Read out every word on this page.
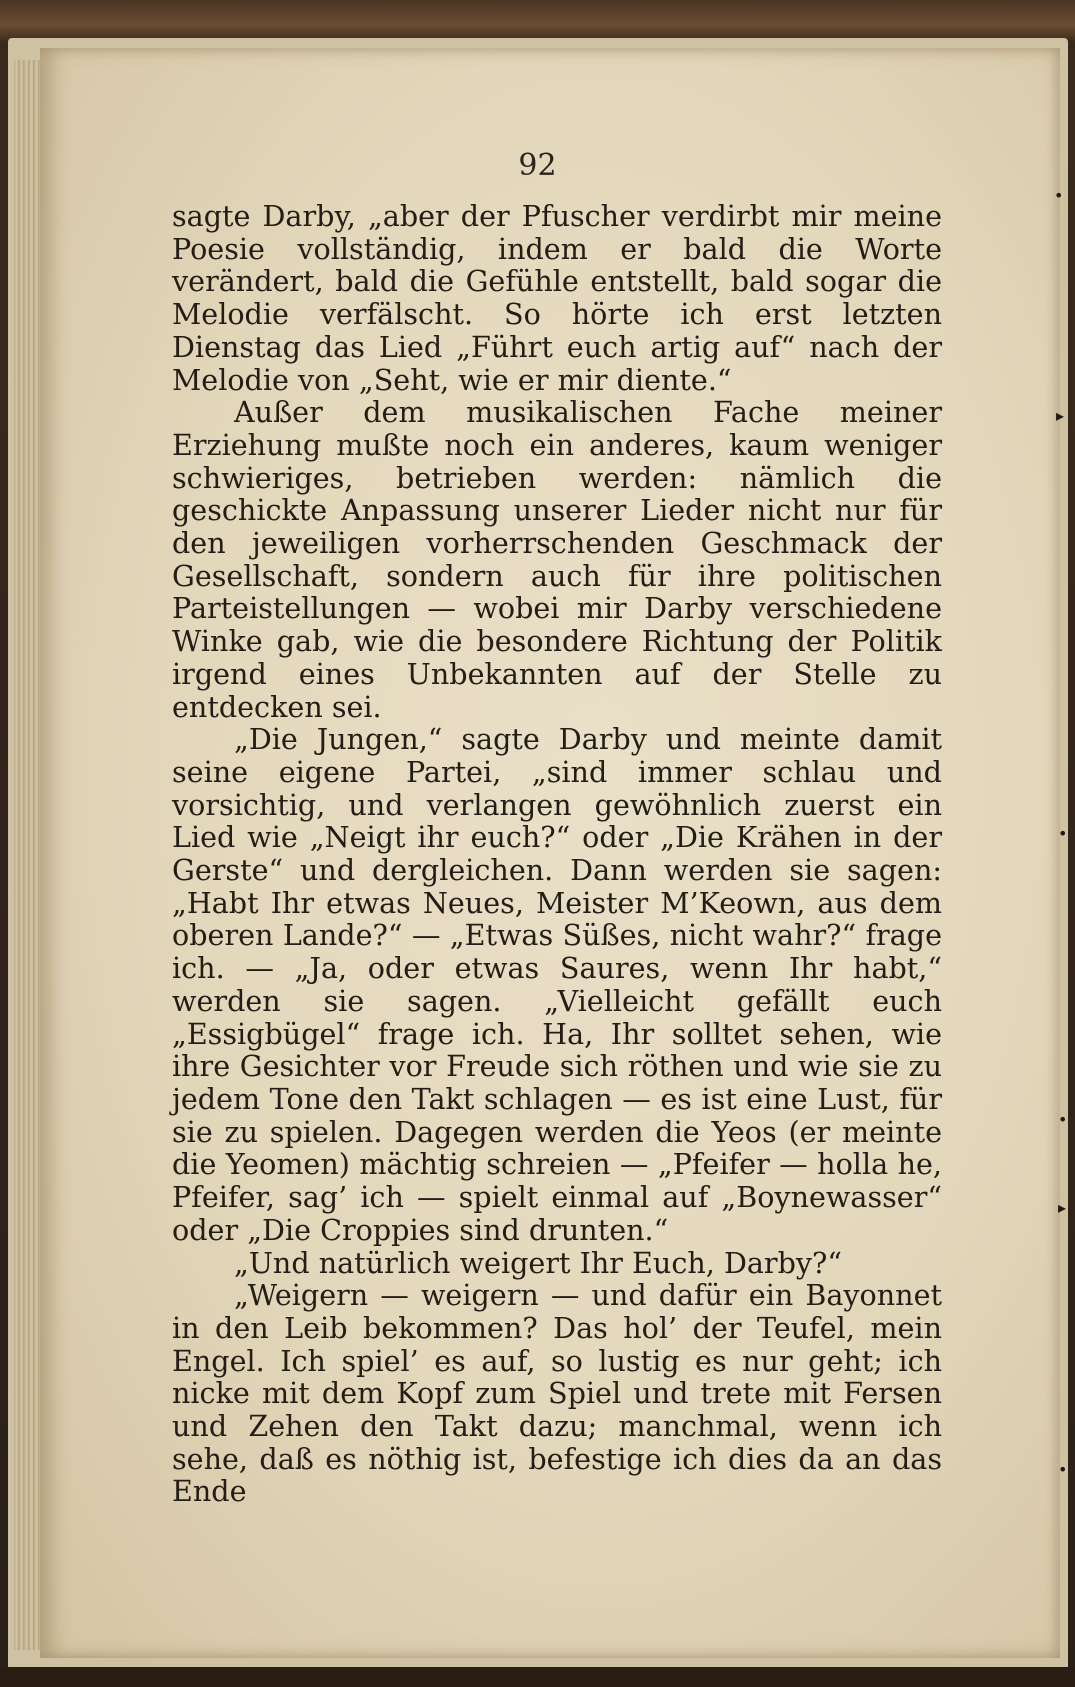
92

sagte Darby, „aber der Pfuscher verdirbt mir meine Poesie vollständig, indem er bald die Worte verändert, bald die Gefühle entstellt, bald sogar die Melodie verfälscht. So hörte ich erst letzten Dienstag das Lied „Führt euch artig auf“ nach der Melodie von „Seht, wie er mir diente.“

Außer dem musikalischen Fache meiner Erziehung mußte noch ein anderes, kaum weniger schwieriges, betrieben werden: nämlich die geschickte Anpassung unserer Lieder nicht nur für den jeweiligen vorherrschenden Geschmack der Gesellschaft, sondern auch für ihre politischen Parteistellungen — wobei mir Darby verschiedene Winke gab, wie die besondere Richtung der Politik irgend eines Unbekannten auf der Stelle zu entdecken sei.

„Die Jungen,“ sagte Darby und meinte damit seine eigene Partei, „sind immer schlau und vorsichtig, und verlangen gewöhnlich zuerst ein Lied wie „Neigt ihr euch?“ oder „Die Krähen in der Gerste“ und dergleichen. Dann werden sie sagen: „Habt Ihr etwas Neues, Meister M’Keown, aus dem oberen Lande?“ — „Etwas Süßes, nicht wahr?“ frage ich. — „Ja, oder etwas Saures, wenn Ihr habt,“ werden sie sagen. „Vielleicht gefällt euch „Essigbügel“ frage ich. Ha, Ihr solltet sehen, wie ihre Gesichter vor Freude sich röthen und wie sie zu jedem Tone den Takt schlagen — es ist eine Lust, für sie zu spielen. Dagegen werden die Yeos (er meinte die Yeomen) mächtig schreien — „Pfeifer — holla he, Pfeifer, sag’ ich — spielt einmal auf „Boynewasser“ oder „Die Croppies sind drunten.“

„Und natürlich weigert Ihr Euch, Darby?“

„Weigern — weigern — und dafür ein Bayonnet in den Leib bekommen? Das hol’ der Teufel, mein Engel. Ich spiel’ es auf, so lustig es nur geht; ich nicke mit dem Kopf zum Spiel und trete mit Fersen und Zehen den Takt dazu; manchmal, wenn ich sehe, daß es nöthig ist, befestige ich dies da an das Ende

•
▸
•
•
▸
•
